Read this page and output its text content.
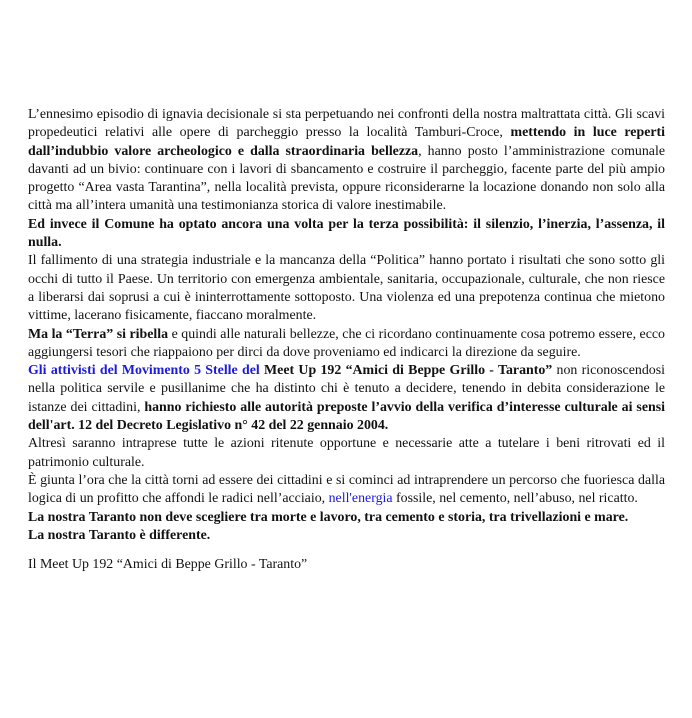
L’ennesimo episodio di ignavia decisionale si sta perpetuando nei confronti della nostra maltrattata città. Gli scavi propedeutici relativi alle opere di parcheggio presso la località Tamburi-Croce, mettendo in luce reperti dall’indubbio valore archeologico e dalla straordinaria bellezza, hanno posto l’amministrazione comunale davanti ad un bivio: continuare con i lavori di sbancamento e costruire il parcheggio, facente parte del più ampio progetto “Area vasta Tarantina”, nella località prevista, oppure riconsiderarne la locazione donando non solo alla città ma all’intera umanità una testimonianza storica di valore inestimabile.

Ed invece il Comune ha optato ancora una volta per la terza possibilità: il silenzio, l’inerzia, l’assenza, il nulla.

Il fallimento di una strategia industriale e la mancanza della “Politica” hanno portato i risultati che sono sotto gli occhi di tutto il Paese. Un territorio con emergenza ambientale, sanitaria, occupazionale, culturale, che non riesce a liberarsi dai soprusi a cui è ininterrottamente sottoposto. Una violenza ed una prepotenza continua che mietono vittime, lacerano fisicamente, fiaccano moralmente.

Ma la “Terra” si ribella e quindi alle naturali bellezze, che ci ricordano continuamente cosa potremo essere, ecco aggiungersi tesori che riappaiono per dirci da dove proveniamo ed indicarci la direzione da seguire.

Gli attivisti del Movimento 5 Stelle del Meet Up 192 “Amici di Beppe Grillo - Taranto” non riconoscendosi nella politica servile e pusillanime che ha distinto chi è tenuto a decidere, tenendo in debita considerazione le istanze dei cittadini, hanno richiesto alle autorità preposte l’avvio della verifica d’interesse culturale ai sensi dell'art. 12 del Decreto Legislativo n° 42 del 22 gennaio 2004.

Altresì saranno intraprese tutte le azioni ritenute opportune e necessarie atte a tutelare i beni ritrovati ed il patrimonio culturale.

È giunta l’ora che la città torni ad essere dei cittadini e si cominci ad intraprendere un percorso che fuoriesca dalla logica di un profitto che affondi le radici nell’acciaio, nell'energia fossile, nel cemento, nell’abuso, nel ricatto.

La nostra Taranto non deve scegliere tra morte e lavoro, tra cemento e storia, tra trivellazioni e mare.

La nostra Taranto è differente.

Il Meet Up 192 “Amici di Beppe Grillo - Taranto”
